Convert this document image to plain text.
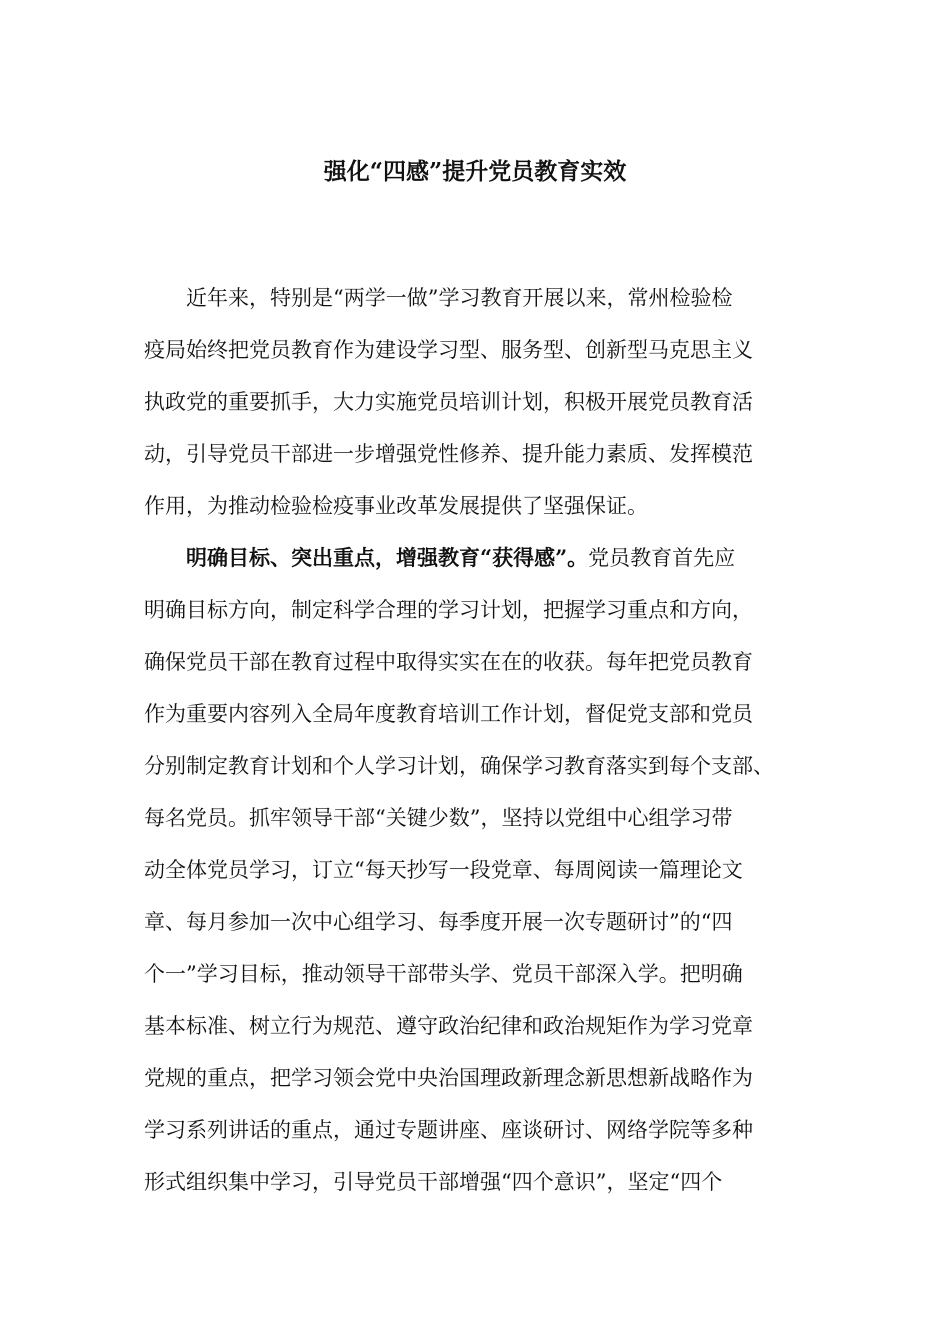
强化“四感”提升党员教育实效

近年来，特别是“两学一做”学习教育开展以来，常州检验检
疫局始终把党员教育作为建设学习型、服务型、创新型马克思主义
执政党的重要抓手，大力实施党员培训计划，积极开展党员教育活
动，引导党员干部进一步增强党性修养、提升能力素质、发挥模范
作用，为推动检验检疫事业改革发展提供了坚强保证。

明确目标、突出重点，增强教育“获得感”。党员教育首先应
明确目标方向，制定科学合理的学习计划，把握学习重点和方向，
确保党员干部在教育过程中取得实实在在的收获。每年把党员教育
作为重要内容列入全局年度教育培训工作计划，督促党支部和党员
分别制定教育计划和个人学习计划，确保学习教育落实到每个支部、
每名党员。抓牢领导干部“关键少数”，坚持以党组中心组学习带
动全体党员学习，订立“每天抄写一段党章、每周阅读一篇理论文
章、每月参加一次中心组学习、每季度开展一次专题研讨”的“四
个一”学习目标，推动领导干部带头学、党员干部深入学。把明确
基本标准、树立行为规范、遵守政治纪律和政治规矩作为学习党章
党规的重点，把学习领会党中央治国理政新理念新思想新战略作为
学习系列讲话的重点，通过专题讲座、座谈研讨、网络学院等多种
形式组织集中学习，引导党员干部增强“四个意识”，坚定“四个
